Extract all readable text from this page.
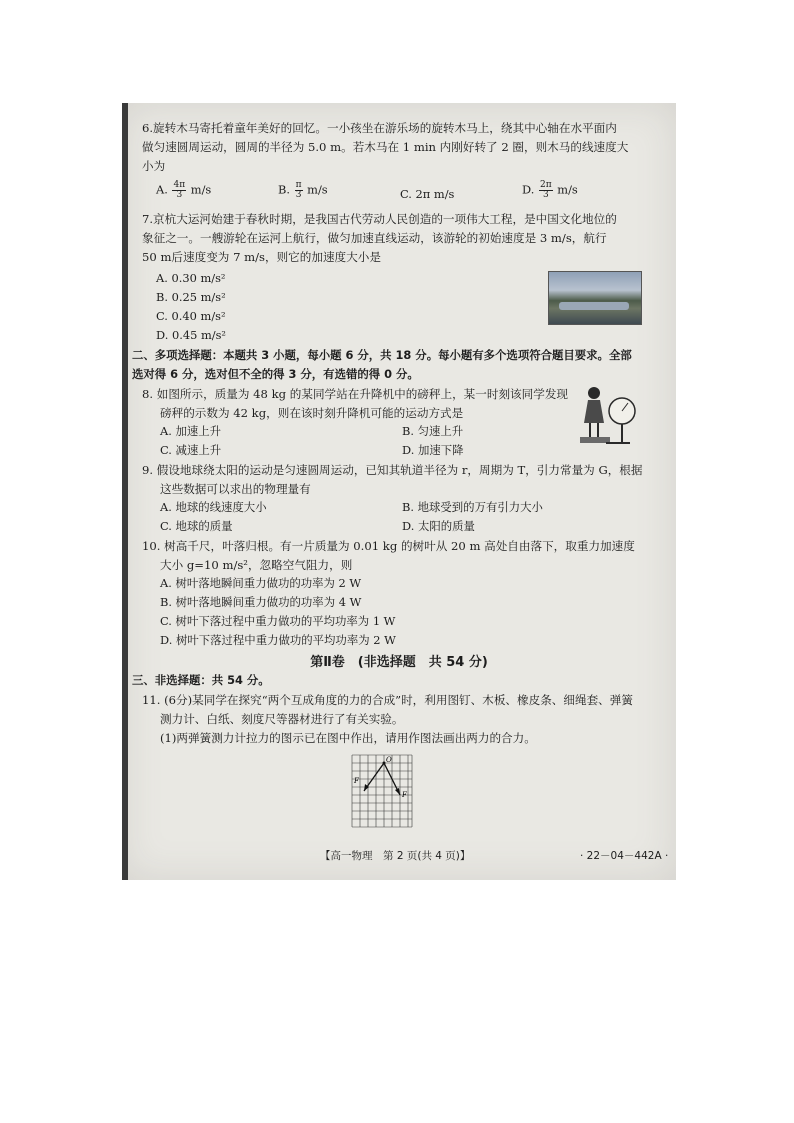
6.旋转木马寄托着童年美好的回忆。一小孩坐在游乐场的旋转木马上，绕其中心轴在水平面内
做匀速圆周运动，圆周的半径为 5.0 m。若木马在 1 min 内刚好转了 2 圈，则木马的线速度大
小为
A. $\frac{4\pi}{3} m/s$	B. $\frac{\pi}{3} m/s$	C. 2π m/s	D. $\frac{2\pi}{3} m/s$
7.京杭大运河始建于春秋时期，是我国古代劳动人民创造的一项伟大工程，是中国文化地位的
象征之一。一艘游轮在运河上航行，做匀加速直线运动，该游轮的初始速度是 3 m/s，航行
50 m后速度变为 7 m/s，则它的加速度大小是
A. 0.30 m/s²
B. 0.25 m/s²
C. 0.40 m/s²
D. 0.45 m/s²
二、多项选择题：本题共 3 小题，每小题 6 分，共 18 分。每小题有多个选项符合题目要求。全部
选对得 6 分，选对但不全的得 3 分，有选错的得 0 分。
8. 如图所示，质量为 48 kg 的某同学站在升降机中的磅秤上，某一时刻该同学发现
磅秤的示数为 42 kg，则在该时刻升降机可能的运动方式是
A. 加速上升	B. 匀速上升
C. 减速上升	D. 加速下降
9. 假设地球绕太阳的运动是匀速圆周运动，已知其轨道半径为 r，周期为 T，引力常量为 G，根据
这些数据可以求出的物理量有
A. 地球的线速度大小	B. 地球受到的万有引力大小
C. 地球的质量	D. 太阳的质量
10. 树高千尺，叶落归根。有一片质量为 0.01 kg 的树叶从 20 m 高处自由落下，取重力加速度
大小 g=10 m/s²，忽略空气阻力，则
A. 树叶落地瞬间重力做功的功率为 2 W
B. 树叶落地瞬间重力做功的功率为 4 W
C. 树叶下落过程中重力做功的平均功率为 1 W
D. 树叶下落过程中重力做功的平均功率为 2 W
第Ⅱ卷　(非选择题　共 54 分)
三、非选择题：共 54 分。
11. (6分)某同学在探究“两个互成角度的力的合成”时，利用图钉、木板、橡皮条、细绳套、弹簧
测力计、白纸、刻度尺等器材进行了有关实验。
(1)两弹簧测力计拉力的图示已在图中作出，请用作图法画出两力的合力。
O
F
F
【高一物理　第 2 页(共 4 页)】	· 22－04－442A ·
